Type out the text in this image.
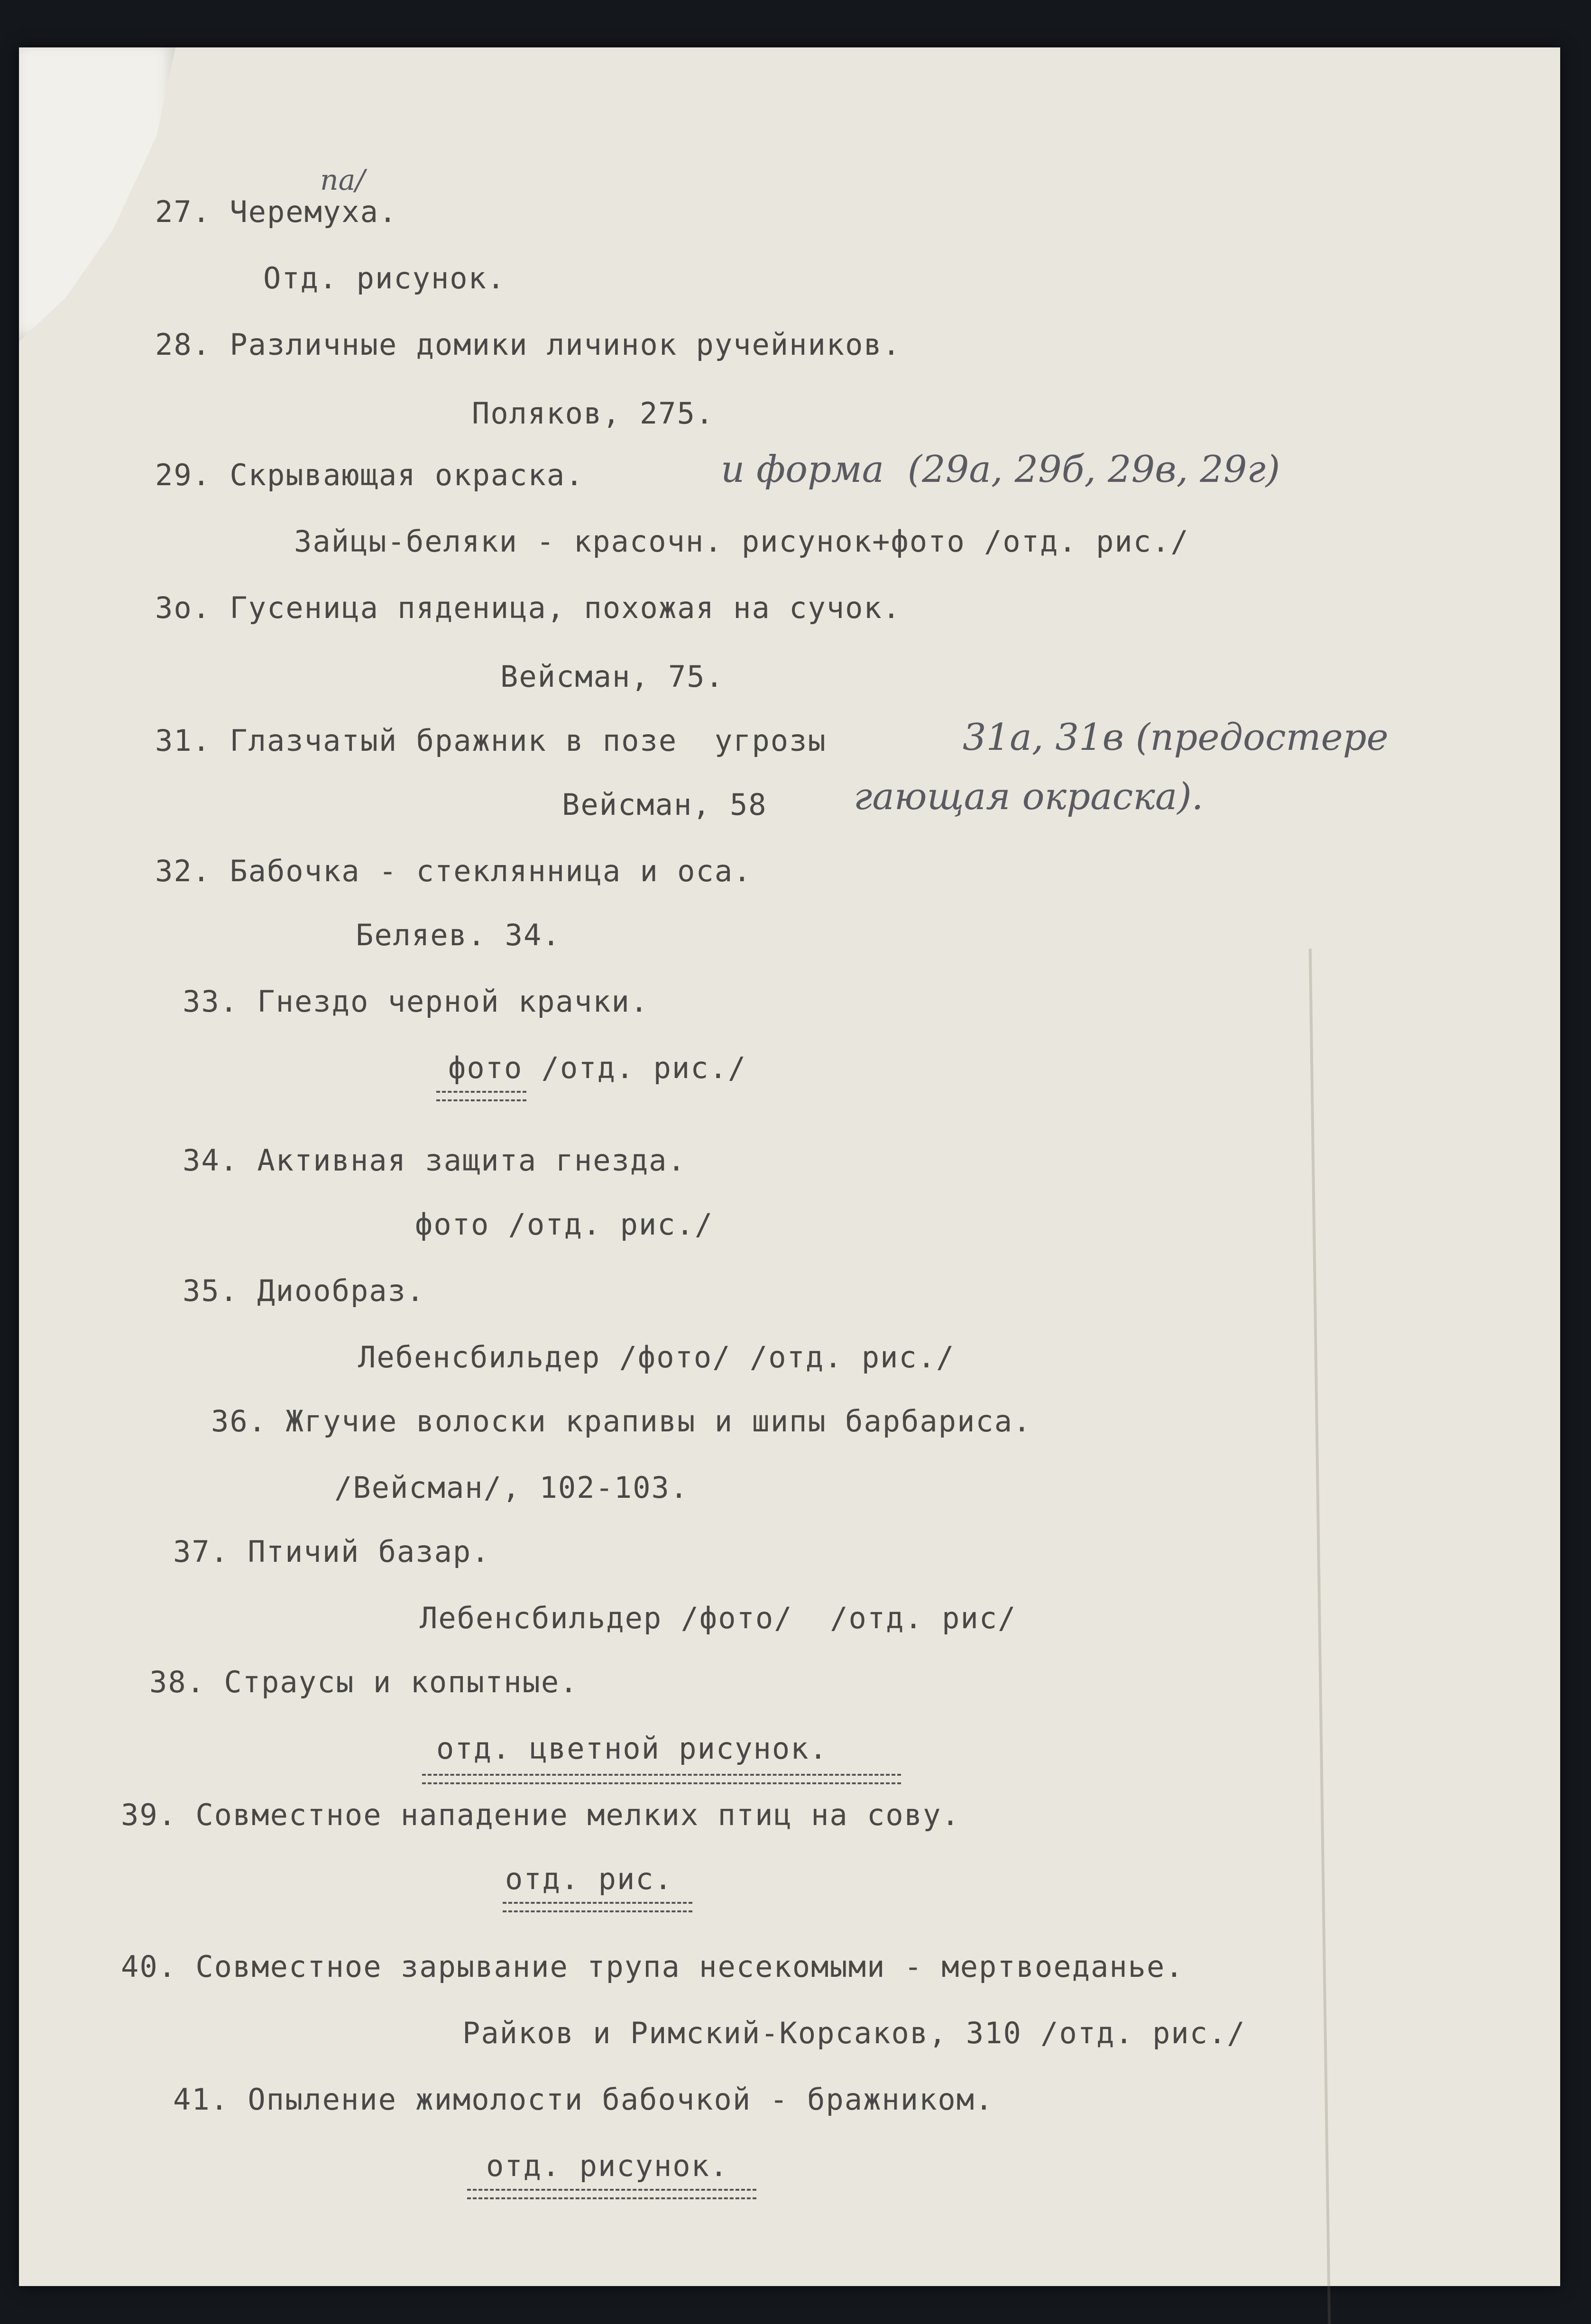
27. Черемуха.
na/
Отд. рисунок.
28. Различные домики личинок ручейников.
Поляков, 275.
29. Скрывающая окраска.	и форма  (29а, 29б, 29в, 29г)
Зайцы-беляки - красочн. рисунок+фото /отд. рис./
3о. Гусеница пяденица, похожая на сучок.
Вейсман, 75.
31. Глазчатый бражник в позе  угрозы	31а, 31в (предостере
Вейсман, 58 гающая окраска).
32. Бабочка - стеклянница и оса.
Беляев. 34.
33. Гнездо черной крачки.
фото /отд. рис./
34. Активная защита гнезда.
фото /отд. рис./
35. Диообраз.
Лебенсбильдер /фото/ /отд. рис./
36. Жгучие волоски крапивы и шипы барбариса.
/Вейсман/, 102-103.
37. Птичий базар.
Лебенсбильдер /фото/  /отд. рис/
38. Страусы и копытные.
отд. цветной рисунок.
39. Совместное нападение мелких птиц на сову.
отд. рис.
40. Совместное зарывание трупа несекомыми - мертвоеданье.
Райков и Римский-Корсаков, 310 /отд. рис./
41. Опыление жимолости бабочкой - бражником.
отд. рисунок.
